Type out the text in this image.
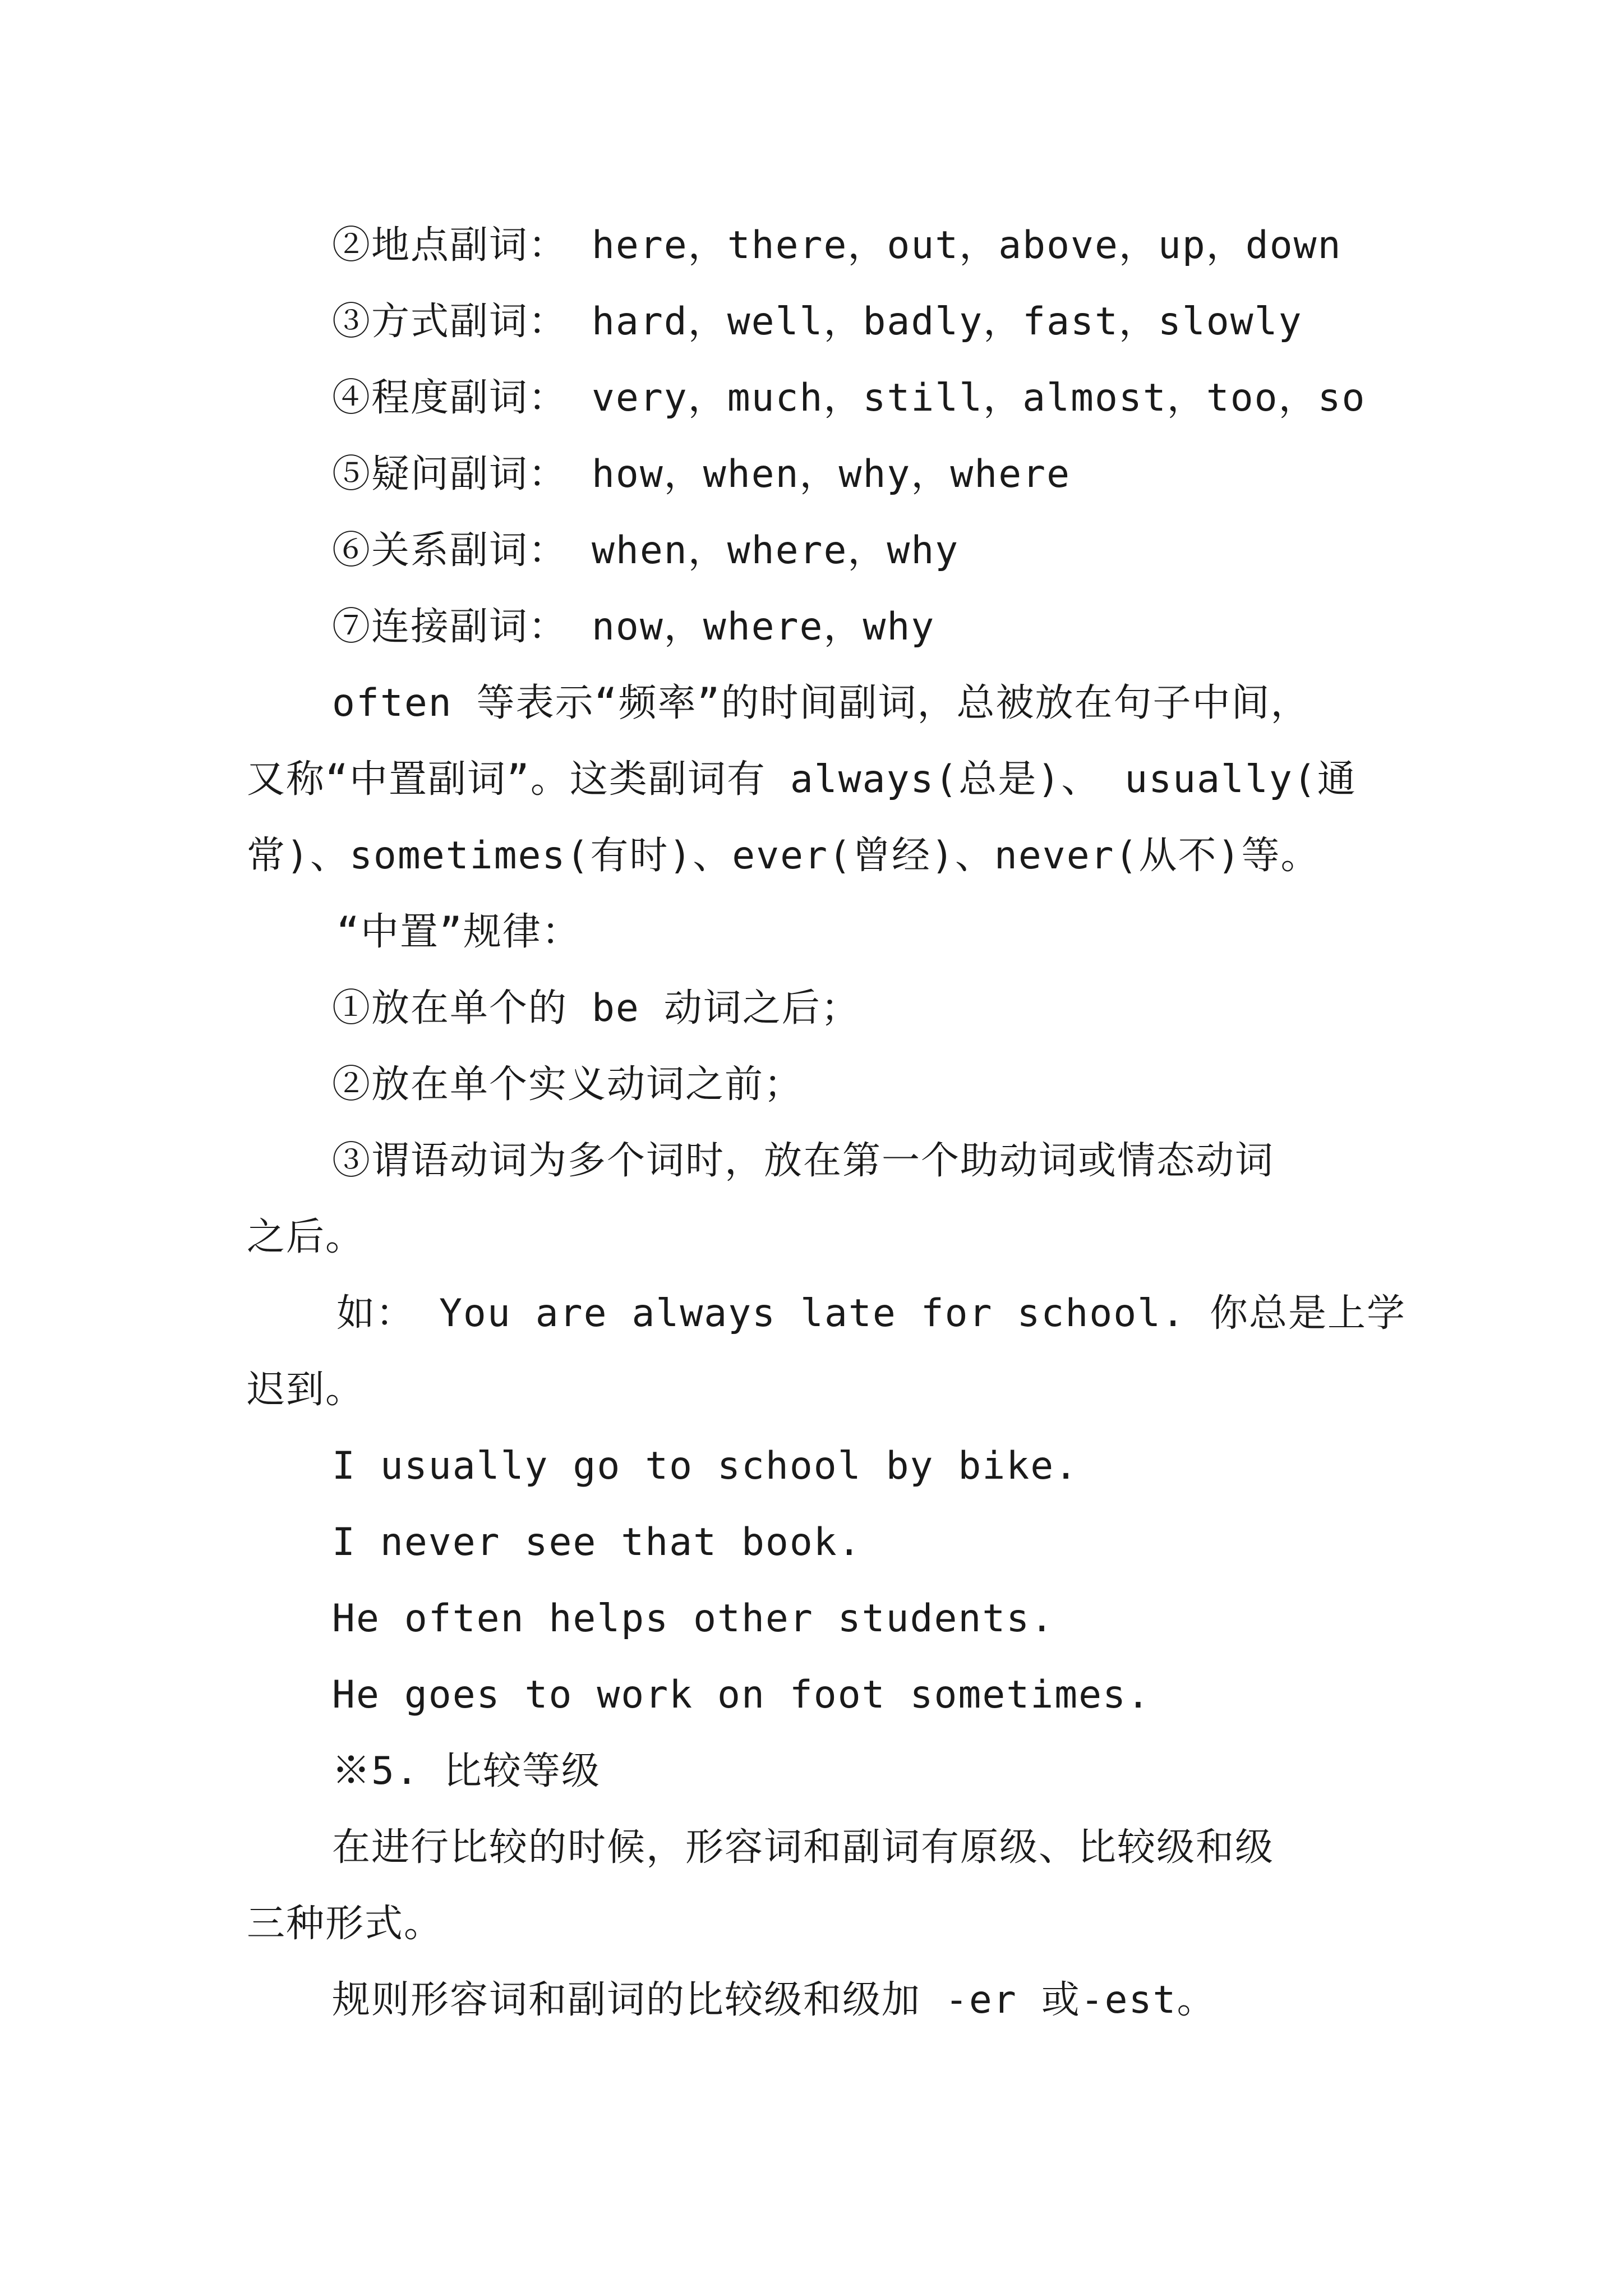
②地点副词： here，there，out，above，up，down
③方式副词： hard，well，badly，fast，slowly
④程度副词： very，much，still，almost，too，so
⑤疑问副词： how，when，why，where
⑥关系副词： when，where，why
⑦连接副词： now，where，why
often 等表示“频率”的时间副词，总被放在句子中间，
又称“中置副词”。这类副词有 always(总是)、 usually(通
常)、sometimes(有时)、ever(曾经)、never(从不)等。
“中置”规律：
①放在单个的 be 动词之后；
②放在单个实义动词之前；
③谓语动词为多个词时，放在第一个助动词或情态动词
之后。
如： You are always late for school. 你总是上学
迟到。
I usually go to school by bike.
I never see that book.
He often helps other students.
He goes to work on foot sometimes.
※5. 比较等级
在进行比较的时候，形容词和副词有原级、比较级和级
三种形式。
规则形容词和副词的比较级和级加 -er 或-est。
